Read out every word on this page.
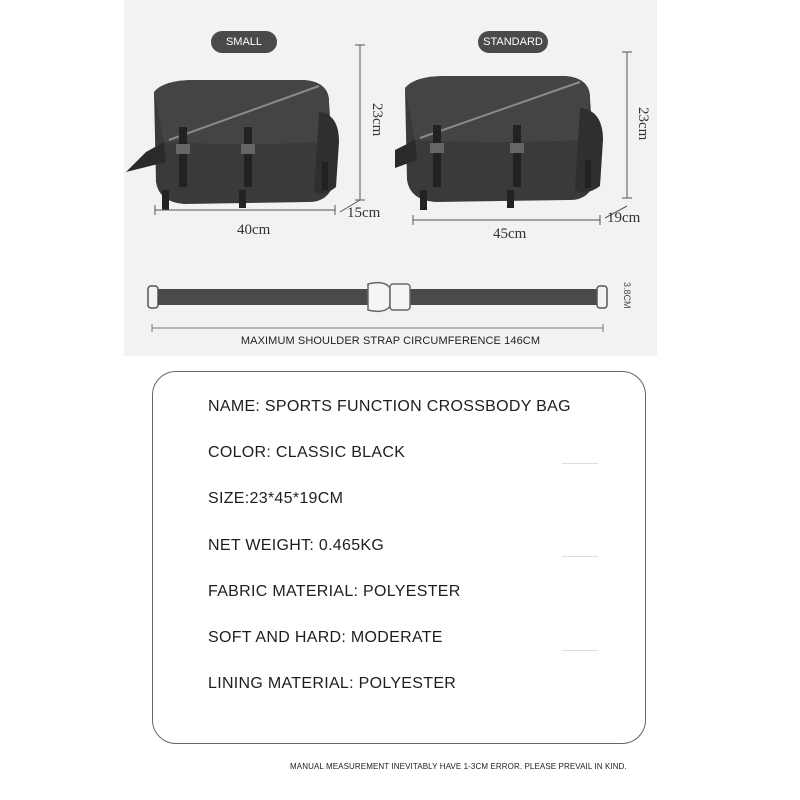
SMALL
23cm
40cm
15cm
STANDARD
23cm
45cm
19cm
3.8CM
MAXIMUM SHOULDER STRAP CIRCUMFERENCE 146CM
NAME: SPORTS FUNCTION CROSSBODY BAG
COLOR: CLASSIC BLACK
SIZE:23*45*19CM
NET WEIGHT: 0.465KG
FABRIC MATERIAL: POLYESTER
SOFT AND HARD: MODERATE
LINING MATERIAL: POLYESTER
MANUAL MEASUREMENT INEVITABLY HAVE 1-3CM ERROR. PLEASE PREVAIL IN KIND.
